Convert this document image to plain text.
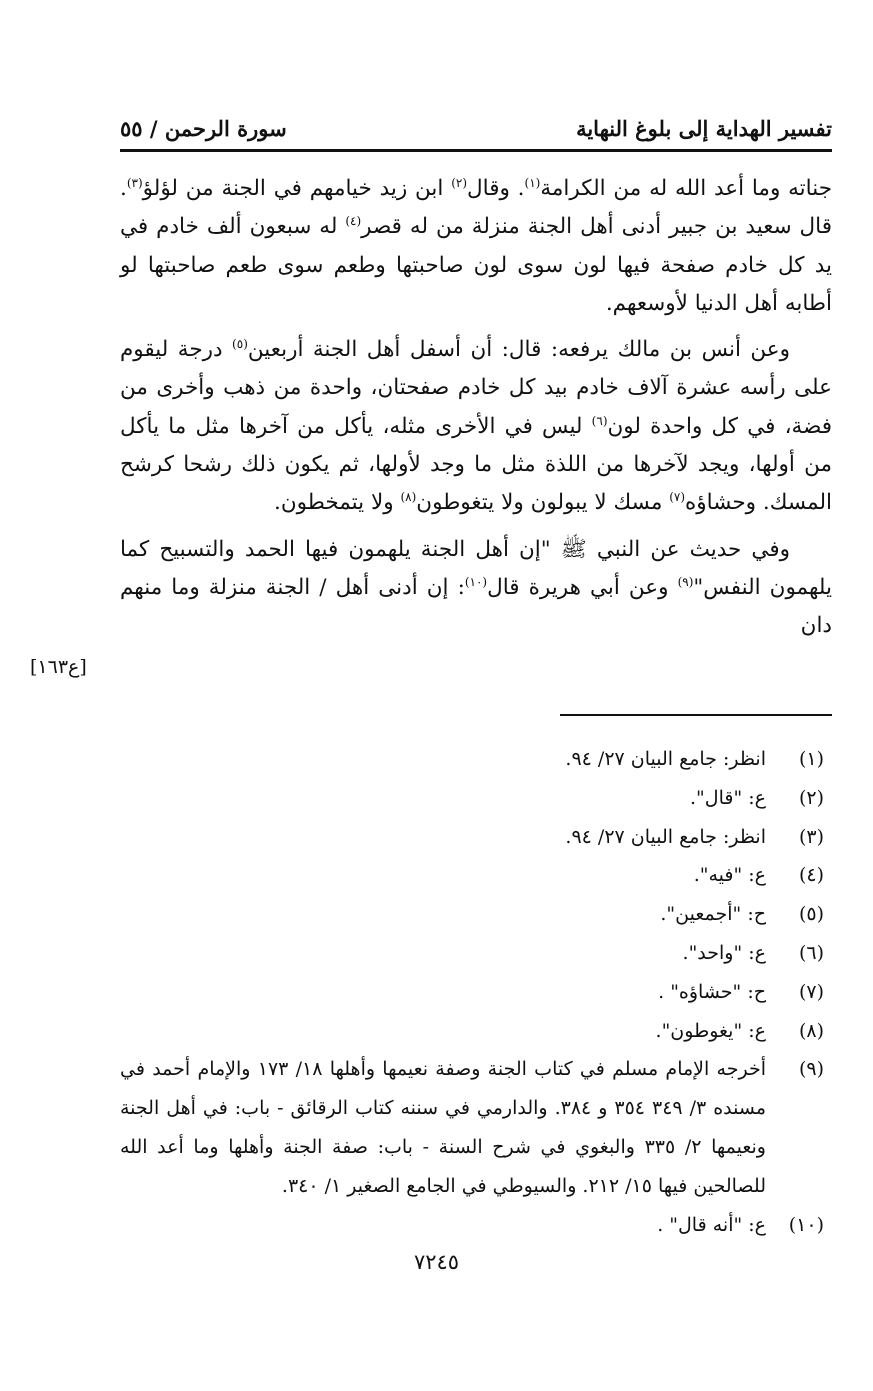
تفسير الهداية إلى بلوغ النهاية
سورة الرحمن / ٥٥

جناته وما أعد الله له من الكرامة$^{(١)}$. وقال$^{(٢)}$ ابن زيد خيامهم في الجنة من لؤلؤ$^{(٣)}$. قال سعيد بن جبير أدنى أهل الجنة منزلة من له قصر$^{(٤)}$ له سبعون ألف خادم في يد كل خادم صفحة فيها لون سوى لون صاحبتها وطعم سوى طعم صاحبتها لو أطابه أهل الدنيا لأوسعهم.

وعن أنس بن مالك يرفعه: قال: أن أسفل أهل الجنة أربعين$^{(٥)}$ درجة ليقوم على رأسه عشرة آلاف خادم بيد كل خادم صفحتان، واحدة من ذهب وأخرى من فضة، في كل واحدة لون$^{(٦)}$ ليس في الأخرى مثله، يأكل من آخرها مثل ما يأكل من أولها، ويجد لآخرها من اللذة مثل ما وجد لأولها، ثم يكون ذلك رشحا كرشح المسك. وحشاؤه$^{(٧)}$ مسك لا يبولون ولا يتغوطون$^{(٨)}$ ولا يتمخطون.

وفي حديث عن النبي ﷺ "إن أهل الجنة يلهمون فيها الحمد والتسبيح كما يلهمون النفس"$^{(٩)}$ وعن أبي هريرة قال$^{(١٠)}$: إن أدنى أهل / الجنة منزلة وما منهم دان

[ع١٦٣]
(١)
انظر: جامع البيان ٢٧/ ٩٤.
(٢)
ع: "قال".
(٣)
انظر: جامع البيان ٢٧/ ٩٤.
(٤)
ع: "فيه".
(٥)
ح: "أجمعين".
(٦)
ع: "واحد".
(٧)
ح: "حشاؤه" .
(٨)
ع: "يغوطون".
(٩)
أخرجه الإمام مسلم في كتاب الجنة وصفة نعيمها وأهلها ١٨/ ١٧٣ والإمام أحمد في مسنده ٣/ ٣٤٩ ٣٥٤ و ٣٨٤. والدارمي في سننه كتاب الرقائق - باب: في أهل الجنة ونعيمها ٢/ ٣٣٥ والبغوي في شرح السنة - باب: صفة الجنة وأهلها وما أعد الله للصالحين فيها ١٥/ ٢١٢. والسيوطي في الجامع الصغير ١/ ٣٤٠.
(١٠)
ع: "أنه قال" .
٧٢٤٥
